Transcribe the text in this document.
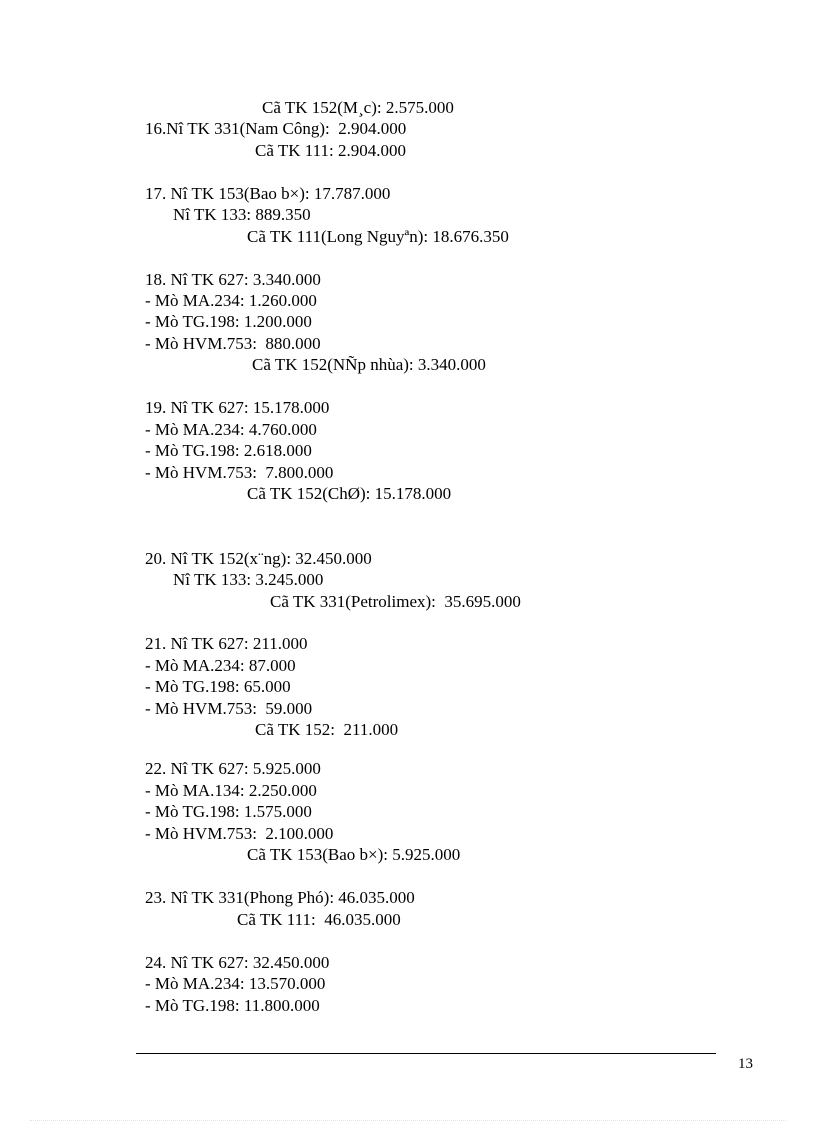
Cã TK 152(M¸c): 2.575.000
16.Nî TK 331(Nam Công):  2.904.000
Cã TK 111: 2.904.000
17. Nî TK 153(Bao b×): 17.787.000
Nî TK 133: 889.350
Cã TK 111(Long Nguyªn): 18.676.350
18. Nî TK 627: 3.340.000
- Mò MA.234: 1.260.000
- Mò TG.198: 1.200.000
- Mò HVM.753:  880.000
Cã TK 152(NÑp nhùa): 3.340.000
19. Nî TK 627: 15.178.000
- Mò MA.234: 4.760.000
- Mò TG.198: 2.618.000
- Mò HVM.753:  7.800.000
Cã TK 152(ChØ): 15.178.000
20. Nî TK 152(x¨ng): 32.450.000
Nî TK 133: 3.245.000
Cã TK 331(Petrolimex):  35.695.000
21. Nî TK 627: 211.000
- Mò MA.234: 87.000
- Mò TG.198: 65.000
- Mò HVM.753:  59.000
Cã TK 152:  211.000
22. Nî TK 627: 5.925.000
- Mò MA.134: 2.250.000
- Mò TG.198: 1.575.000
- Mò HVM.753:  2.100.000
Cã TK 153(Bao b×): 5.925.000
23. Nî TK 331(Phong Phó): 46.035.000
Cã TK 111:  46.035.000
24. Nî TK 627: 32.450.000
- Mò MA.234: 13.570.000
- Mò TG.198: 11.800.000
13
